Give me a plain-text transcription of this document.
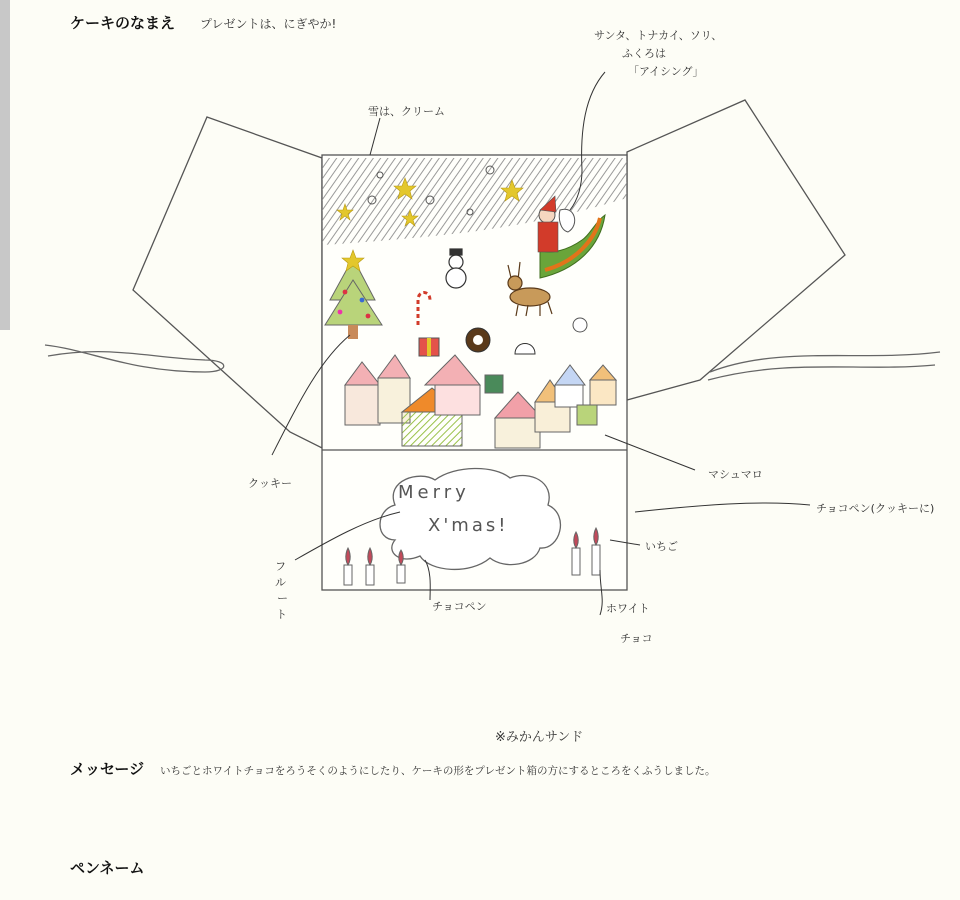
ケーキのなまえ プレゼントは、にぎやか!
サンタ、トナカイ、ソリ、
ふくろは
「アイシング」
雪は、クリーム
クッキー
マシュマロ
チョコペン(クッキーに)
いちご
ホワイト
チョコ
チョコペン
フ
ル
ー
ト
Merry
X'mas!
※みかんサンド
メッセージ いちごとホワイトチョコをろうそくのようにしたり、ケーキの形をプレゼント箱の方にするところをくふうしました。
ペンネーム
